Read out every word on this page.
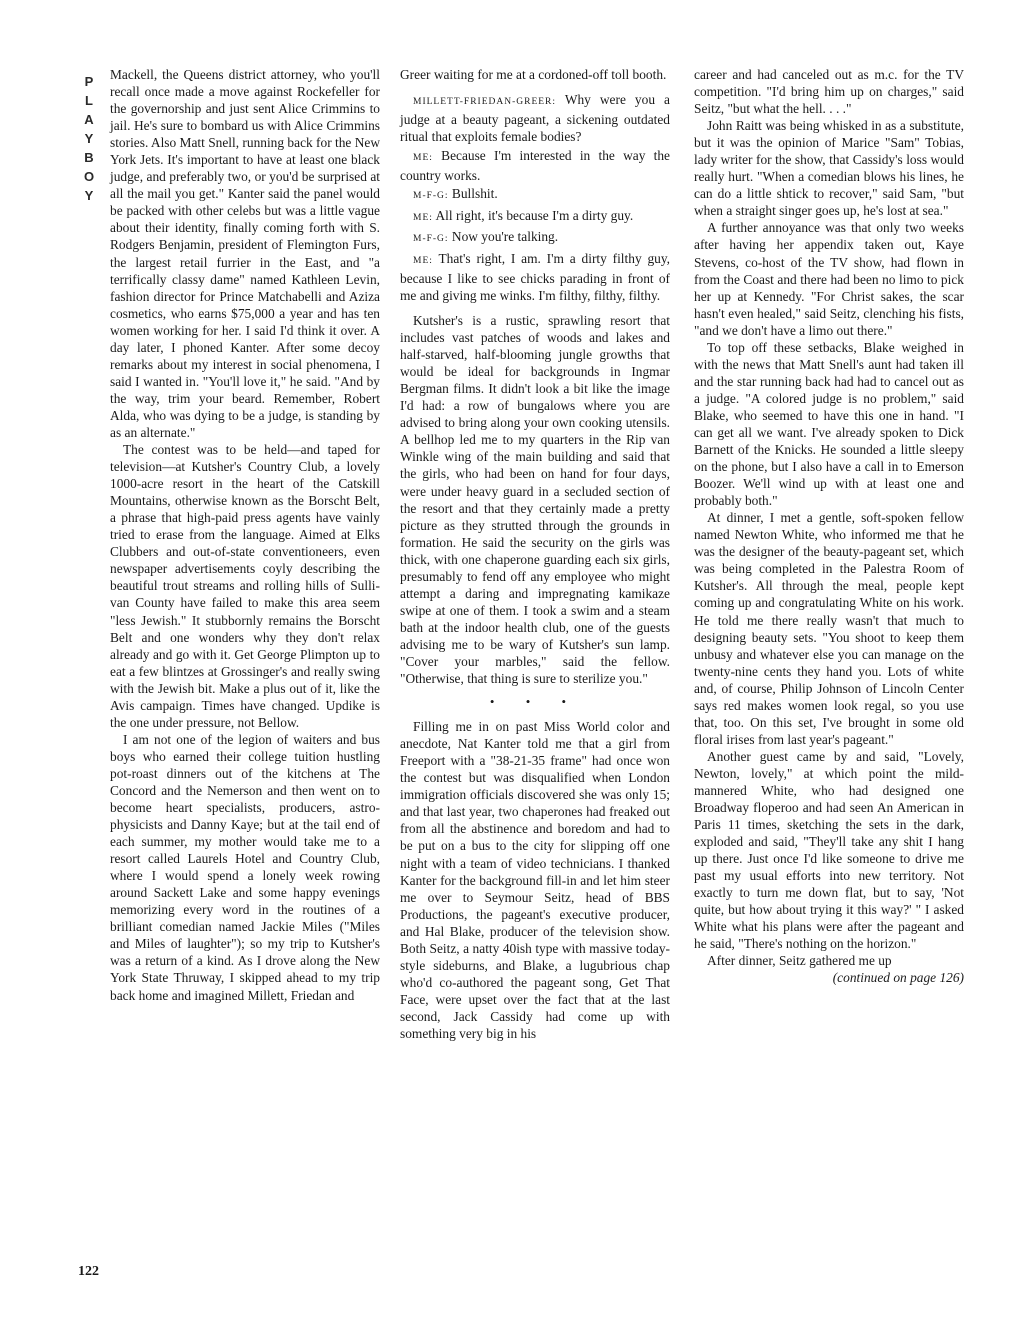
P
L
A
Y
B
O
Y

Mackell, the Queens district attorney, who you'll recall once made a move against Rockefeller for the governorship and just sent Alice Crimmins to jail. He's sure to bombard us with Alice Crimmins stories. Also Matt Snell, running back for the New York Jets. It's important to have at least one black judge, and preferably two, or you'd be surprised at all the mail you get." Kanter said the panel would be packed with other celebs but was a little vague about their identity, finally coming forth with S. Rodgers Benjamin, president of Flemington Furs, the largest retail furrier in the East, and "a terrifically classy dame" named Kathleen Levin, fashion director for Prince Matchabelli and Aziza cosmetics, who earns $75,000 a year and has ten women working for her. I said I'd think it over. A day later, I phoned Kanter. After some decoy remarks about my interest in social phenomena, I said I wanted in. "You'll love it," he said. "And by the way, trim your beard. Remember, Robert Alda, who was dying to be a judge, is standing by as an alternate."

The contest was to be held—and taped for television—at Kutsher's Country Club, a lovely 1000-acre resort in the heart of the Catskill Mountains, otherwise known as the Borscht Belt, a phrase that high-paid press agents have vainly tried to erase from the language. Aimed at Elks Clubbers and out-of-state conventioneers, even newspaper advertisements coyly describing the beautiful trout streams and rolling hills of Sullivan County have failed to make this area seem "less Jewish." It stubbornly remains the Borscht Belt and one wonders why they don't relax already and go with it. Get George Plimpton up to eat a few blintzes at Grossinger's and really swing with the Jewish bit. Make a plus out of it, like the Avis campaign. Times have changed. Updike is the one under pressure, not Bellow.

I am not one of the legion of waiters and bus boys who earned their college tuition hustling pot-roast dinners out of the kitchens at The Concord and the Nemerson and then went on to become heart specialists, producers, astrophysicists and Danny Kaye; but at the tail end of each summer, my mother would take me to a resort called Laurels Hotel and Country Club, where I would spend a lonely week rowing around Sackett Lake and some happy evenings memorizing every word in the routines of a brilliant comedian named Jackie Miles ("Miles and Miles of laughter"); so my trip to Kutsher's was a return of a kind. As I drove along the New York State Thruway, I skipped ahead to my trip back home and imagined Millett, Friedan and

Greer waiting for me at a cordoned-off toll booth.

MILLETT-FRIEDAN-GREER: Why were you a judge at a beauty pageant, a sickening outdated ritual that exploits female bodies?

ME: Because I'm interested in the way the country works.

M-F-G: Bullshit.

ME: All right, it's because I'm a dirty guy.

M-F-G: Now you're talking.

ME: That's right, I am. I'm a dirty filthy guy, because I like to see chicks parading in front of me and giving me winks. I'm filthy, filthy, filthy.

Kutsher's is a rustic, sprawling resort that includes vast patches of woods and lakes and half-starved, half-blooming jungle growths that would be ideal for backgrounds in Ingmar Bergman films. It didn't look a bit like the image I'd had: a row of bungalows where you are advised to bring along your own cooking utensils. A bellhop led me to my quarters in the Rip van Winkle wing of the main building and said that the girls, who had been on hand for four days, were under heavy guard in a secluded section of the resort and that they certainly made a pretty picture as they strutted through the grounds in formation. He said the security on the girls was thick, with one chaperone guarding each six girls, presumably to fend off any employee who might attempt a daring and impregnating kamikaze swipe at one of them. I took a swim and a steam bath at the indoor health club, one of the guests advising me to be wary of Kutsher's sun lamp. "Cover your marbles," said the fellow. "Otherwise, that thing is sure to sterilize you."

• • •

Filling me in on past Miss World color and anecdote, Nat Kanter told me that a girl from Freeport with a "38-21-35 frame" had once won the contest but was disqualified when London immigration officials discovered she was only 15; and that last year, two chaperones had freaked out from all the abstinence and boredom and had to be put on a bus to the city for slipping off one night with a team of video technicians. I thanked Kanter for the background fill-in and let him steer me over to Seymour Seitz, head of BBS Productions, the pageant's executive producer, and Hal Blake, producer of the television show. Both Seitz, a natty 40ish type with massive today-style sideburns, and Blake, a lugubrious chap who'd co-authored the pageant song, Get That Face, were upset over the fact that at the last second, Jack Cassidy had come up with something very big in his

career and had canceled out as m.c. for the TV competition. "I'd bring him up on charges," said Seitz, "but what the hell. . . ."

John Raitt was being whisked in as a substitute, but it was the opinion of Marice "Sam" Tobias, lady writer for the show, that Cassidy's loss would really hurt. "When a comedian blows his lines, he can do a little shtick to recover," said Sam, "but when a straight singer goes up, he's lost at sea."

A further annoyance was that only two weeks after having her appendix taken out, Kaye Stevens, co-host of the TV show, had flown in from the Coast and there had been no limo to pick her up at Kennedy. "For Christ sakes, the scar hasn't even healed," said Seitz, clenching his fists, "and we don't have a limo out there."

To top off these setbacks, Blake weighed in with the news that Matt Snell's aunt had taken ill and the star running back had had to cancel out as a judge. "A colored judge is no problem," said Blake, who seemed to have this one in hand. "I can get all we want. I've already spoken to Dick Barnett of the Knicks. He sounded a little sleepy on the phone, but I also have a call in to Emerson Boozer. We'll wind up with at least one and probably both."

At dinner, I met a gentle, soft-spoken fellow named Newton White, who informed me that he was the designer of the beauty-pageant set, which was being completed in the Palestra Room of Kutsher's. All through the meal, people kept coming up and congratulating White on his work. He told me there really wasn't that much to designing beauty sets. "You shoot to keep them unbusy and whatever else you can manage on the twenty-nine cents they hand you. Lots of white and, of course, Philip Johnson of Lincoln Center says red makes women look regal, so you use that, too. On this set, I've brought in some old floral irises from last year's pageant."

Another guest came by and said, "Lovely, Newton, lovely," at which point the mild-mannered White, who had designed one Broadway floperoo and had seen An American in Paris 11 times, sketching the sets in the dark, exploded and said, "They'll take any shit I hang up there. Just once I'd like someone to drive me past my usual efforts into new territory. Not exactly to turn me down flat, but to say, 'Not quite, but how about trying it this way?' " I asked White what his plans were after the pageant and he said, "There's nothing on the horizon."

After dinner, Seitz gathered me up

(continued on page 126)
122
